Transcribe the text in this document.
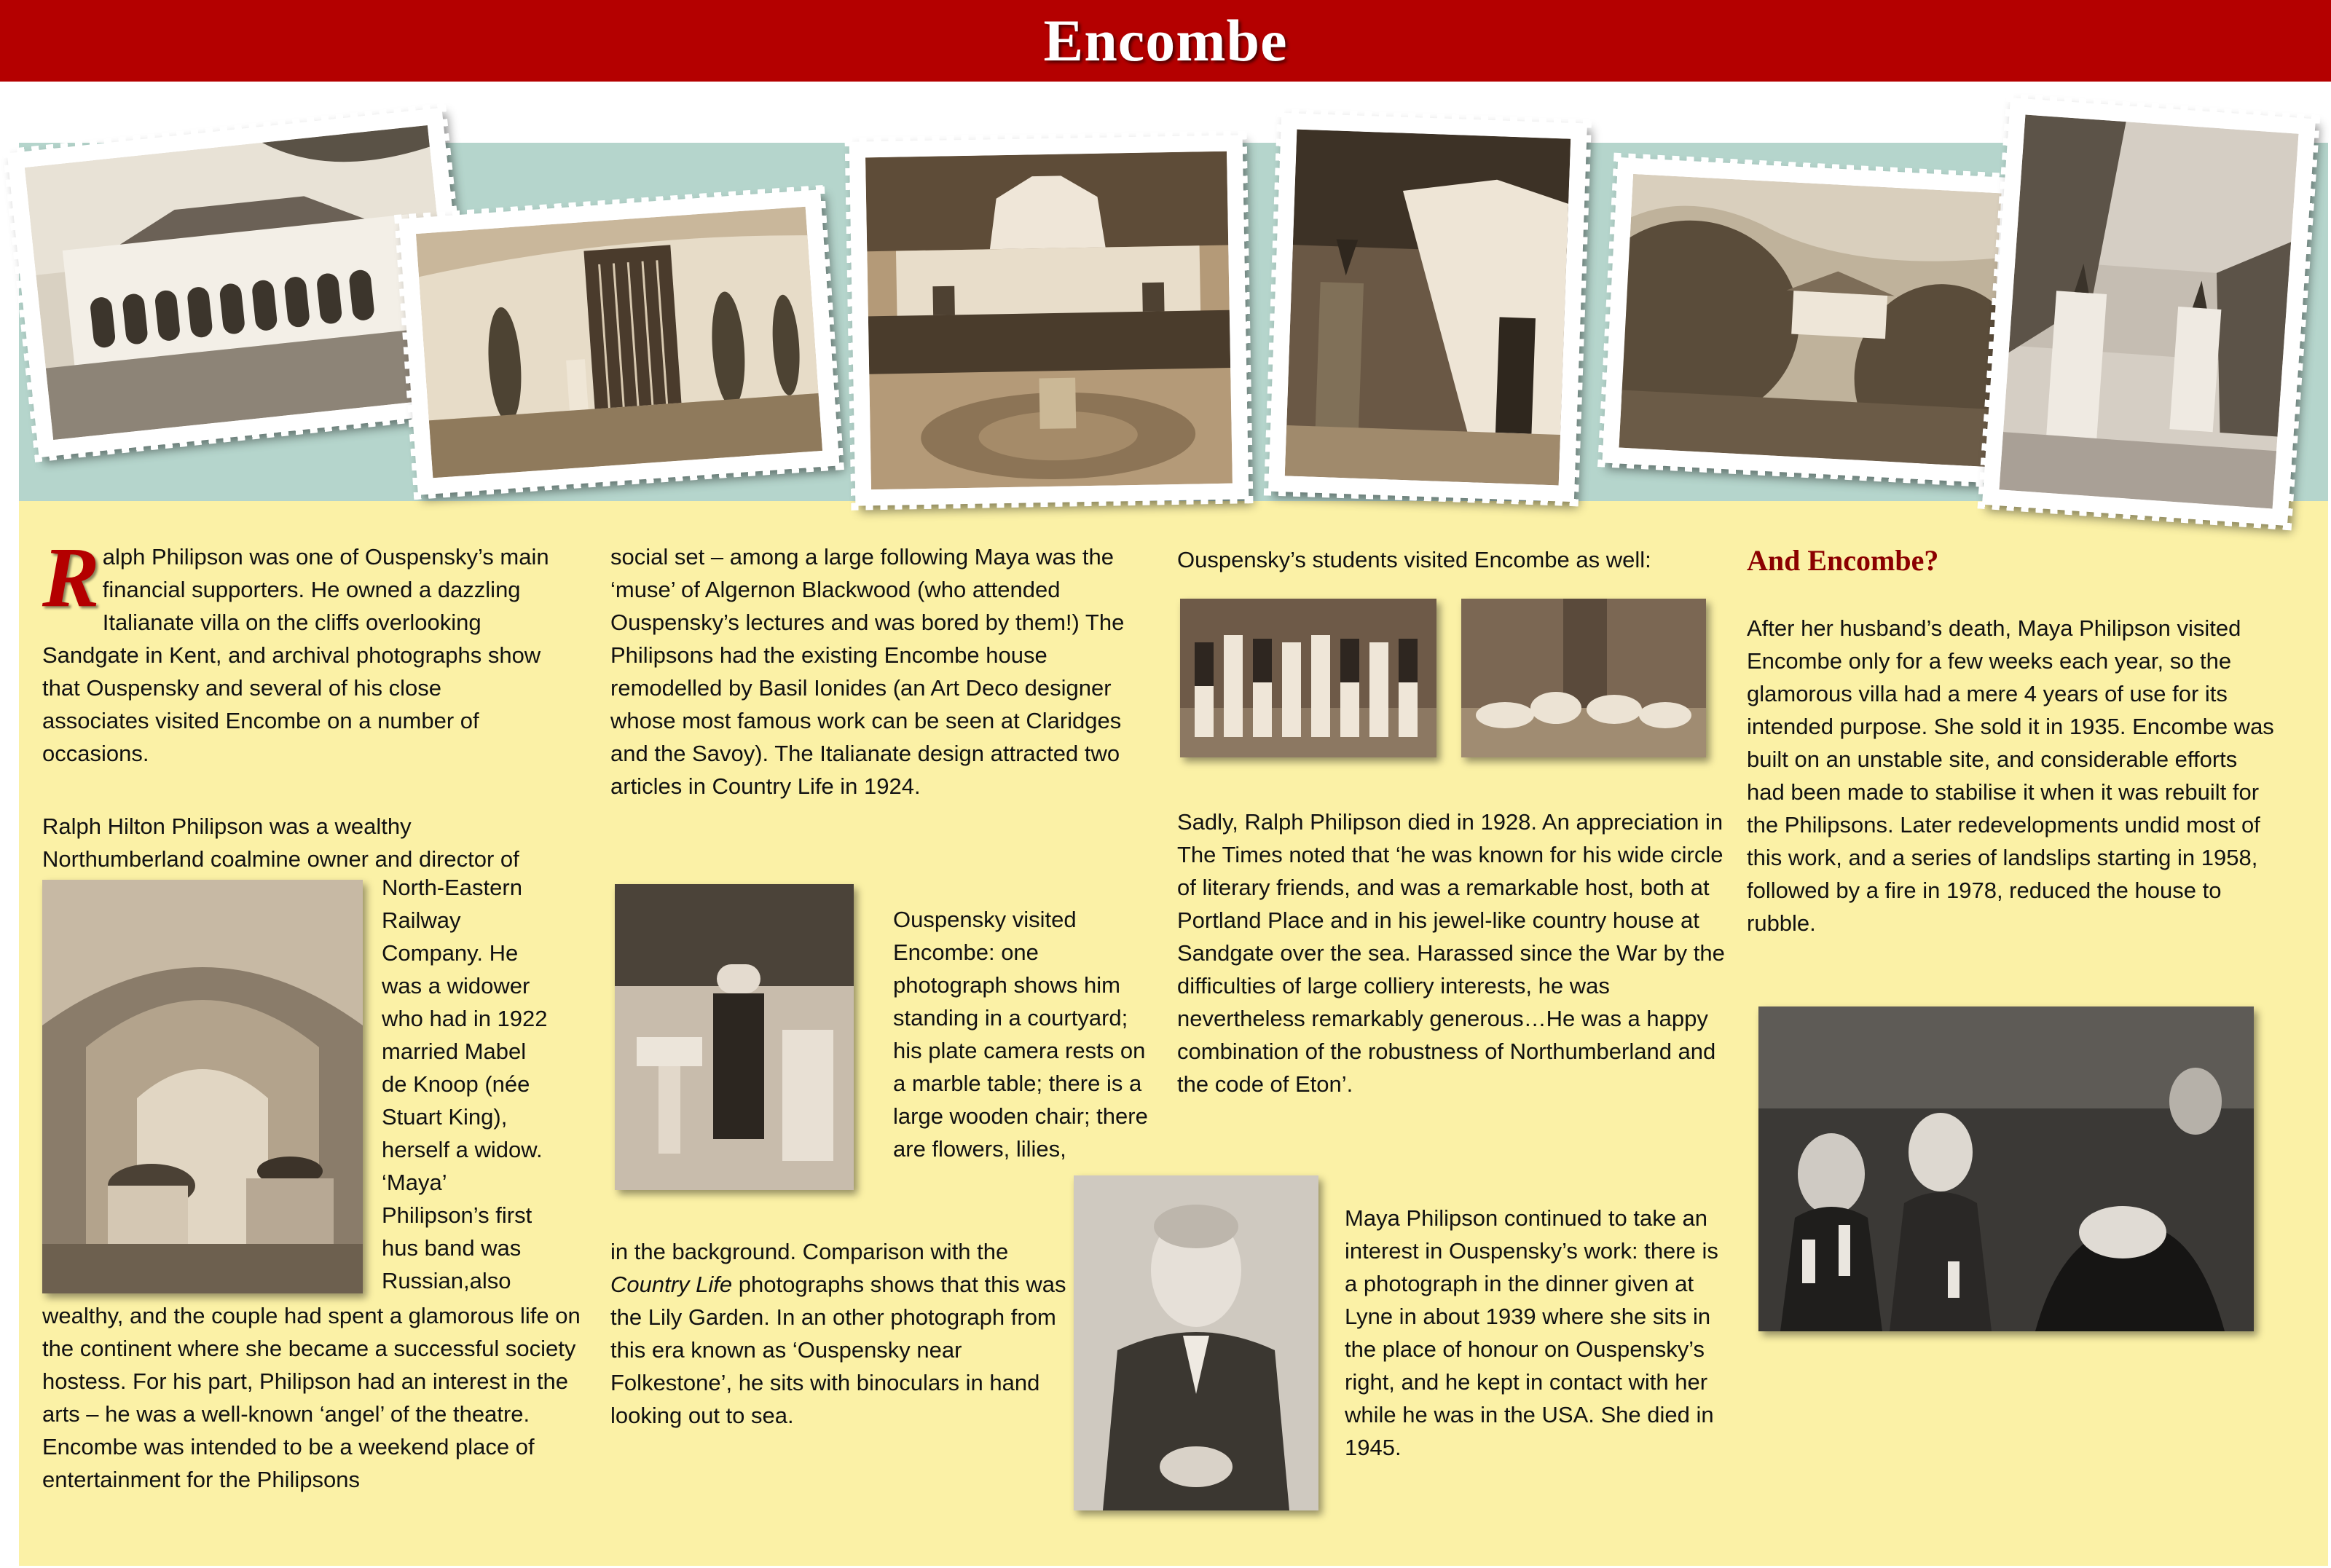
Encombe
R alph Philipson was one of Ouspensky’s main financial supporters. He owned a dazzling Italianate villa on the cliffs overlooking Sandgate in Kent, and archival photographs show that Ouspensky and several of his close associates visited Encombe on a number of occasions.

Ralph Hilton Philipson was a wealthy Northumberland coalmine owner and director of

North-Eastern Railway Company. He was a widower who had in 1922 married Mabel de Knoop (née Stuart King), herself a widow. ‘Maya’ Philipson’s first hus band was Russian,also

wealthy, and the couple had spent a glamorous life on the continent where she became a successful society hostess. For his part, Philipson had an interest in the arts – he was a well-known ‘angel’ of the theatre. Encombe was intended to be a weekend place of entertainment for the Philipsons

social set – among a large following Maya was the ‘muse’ of Algernon Blackwood (who attended Ouspensky’s lectures and was bored by them!) The Philipsons had the existing Encombe house remodelled by Basil Ionides (an Art Deco designer whose most famous work can be seen at Claridges and the Savoy). The Italianate design attracted two articles in Country Life in 1924.

Ouspensky visited Encombe: one photograph shows him standing in a courtyard; his plate camera rests on a marble table; there is a large wooden chair; there are flowers, lilies,

in the background. Comparison with the Country Life photographs shows that this was the Lily Garden. In an other photograph from this era known as ‘Ouspensky near Folkestone’, he sits with binoculars in hand looking out to sea.

Ouspensky’s students visited Encombe as well:

Sadly, Ralph Philipson died in 1928. An appreciation in The Times noted that ‘he was known for his wide circle of literary friends, and was a remarkable host, both at Portland Place and in his jewel-like country house at Sandgate over the sea. Harassed since the War by the difficulties of large colliery interests, he was nevertheless remarkably generous…He was a happy combination of the robustness of Northumberland and the code of Eton’.

Maya Philipson continued to take an interest in Ouspensky’s work: there is a photograph in the dinner given at Lyne in about 1939 where she sits in the place of honour on Ouspensky’s right, and he kept in contact with her while he was in the USA. She died in 1945.

And Encombe?

After her husband’s death, Maya Philipson visited Encombe only for a few weeks each year, so the glamorous villa had a mere 4 years of use for its intended purpose. She sold it in 1935. Encombe was built on an unstable site, and considerable efforts had been made to stabilise it when it was rebuilt for the Philipsons. Later redevelopments undid most of this work, and a series of landslips starting in 1958, followed by a fire in 1978, reduced the house to rubble.
